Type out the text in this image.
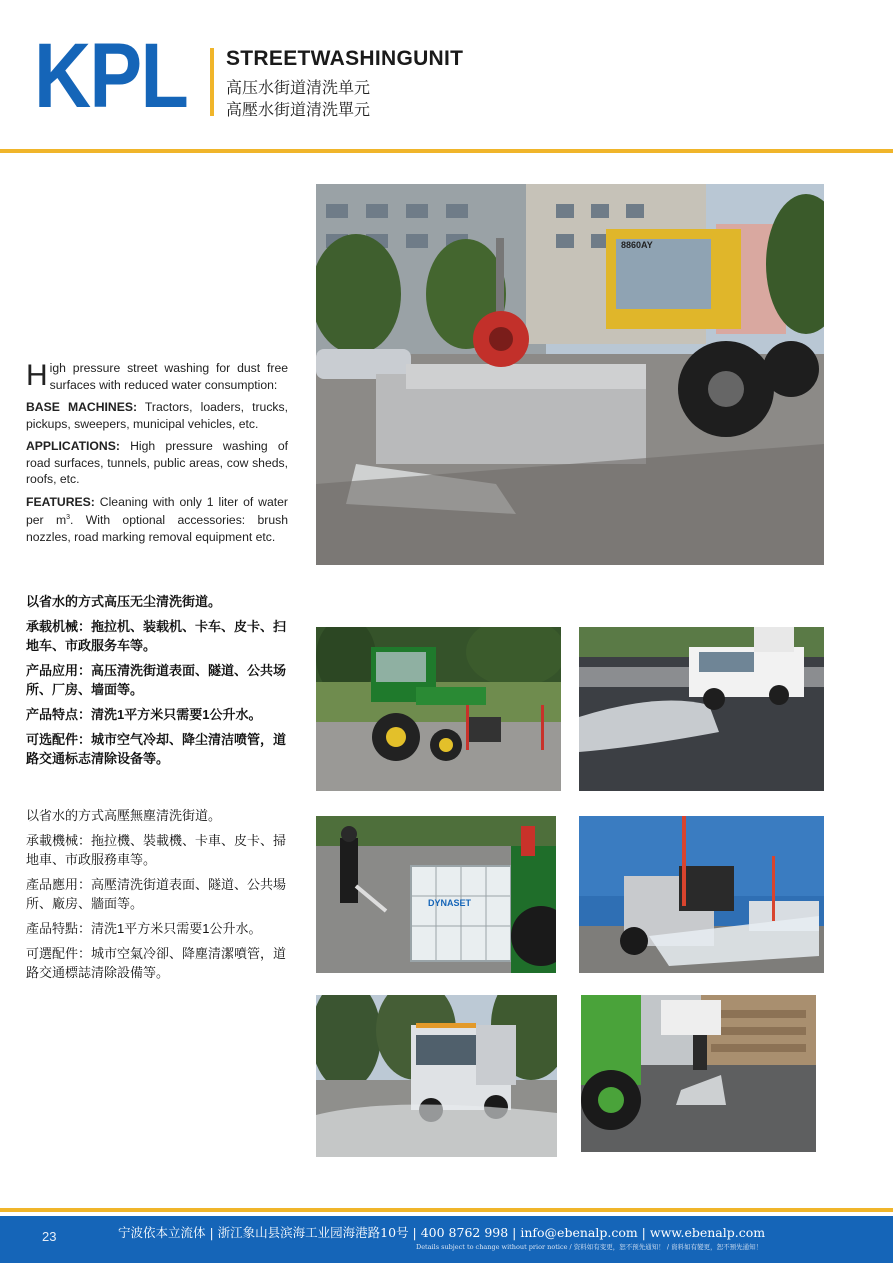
KPL STREETWASHINGUNIT
高压水街道清洗单元
高壓水街道清洗單元

High pressure street washing for dust free surfaces with reduced water consumption:

BASE MACHINES: Tractors, loaders, trucks, pickups, sweepers, municipal vehicles, etc.

APPLICATIONS: High pressure washing of road surfaces, tunnels, public areas, cow sheds, roofs, etc.

FEATURES: Cleaning with only 1 liter of water per $m^3$. With optional accessories: brush nozzles, road marking removal equipment etc.

以省水的方式高压无尘清洗街道。

承载机械：拖拉机、装载机、卡车、皮卡、扫地车、市政服务车等。

产品应用：高压清洗街道表面、隧道、公共场所、厂房、墙面等。

产品特点：清洗1平方米只需要1公升水。

可选配件：城市空气冷却、降尘清洁喷管，道路交通标志清除设备等。

以省水的方式高壓無塵清洗街道。

承載機械：拖拉機、裝載機、卡車、皮卡、掃地車、市政服務車等。

產品應用：高壓清洗街道表面、隧道、公共場所、廠房、牆面等。

產品特點：清洗1平方米只需要1公升水。

可選配件：城市空氣冷卻、降塵清潔噴管，道路交通標誌清除設備等。

8860AY
DYNASET
23	宁波依本立流体 | 浙江象山县滨海工业园海港路10号 | 400 8762 998 | info@ebenalp.com | www.ebenalp.com
Details subject to change without prior notice / 资料如有变更，恕不预先通知！ / 資料如有變更，恕不預先通知！
